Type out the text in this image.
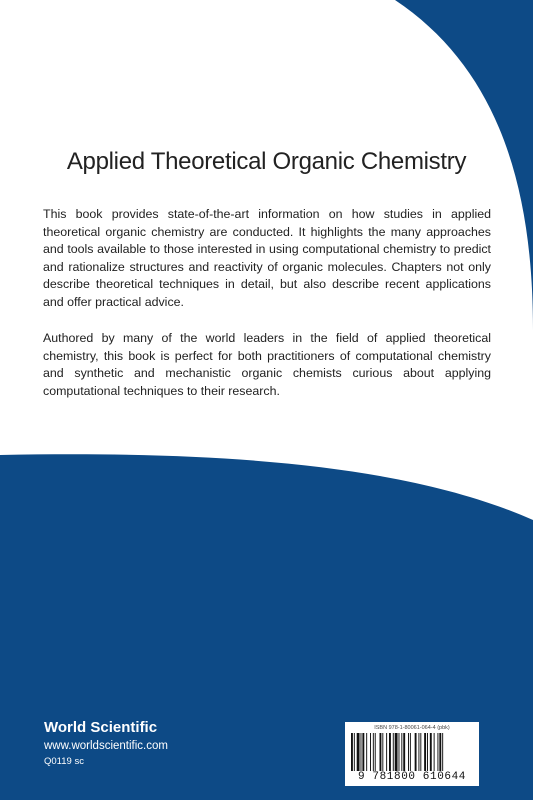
Applied Theoretical Organic Chemistry
This book provides state-of-the-art information on how studies in applied theoretical organic chemistry are conducted. It highlights the many approaches and tools available to those interested in using computational chemistry to predict and rationalize structures and reactivity of organic molecules. Chapters not only describe theoretical techniques in detail, but also describe recent applications and offer practical advice.
Authored by many of the world leaders in the field of applied theoretical chemistry, this book is perfect for both practitioners of computational chemistry and synthetic and mechanistic organic chemists curious about applying computational techniques to their research.
World Scientific
www.worldscientific.com
Q0119 sc
ISBN 978-1-80061-064-4 (pbk)
9 781800 610644
